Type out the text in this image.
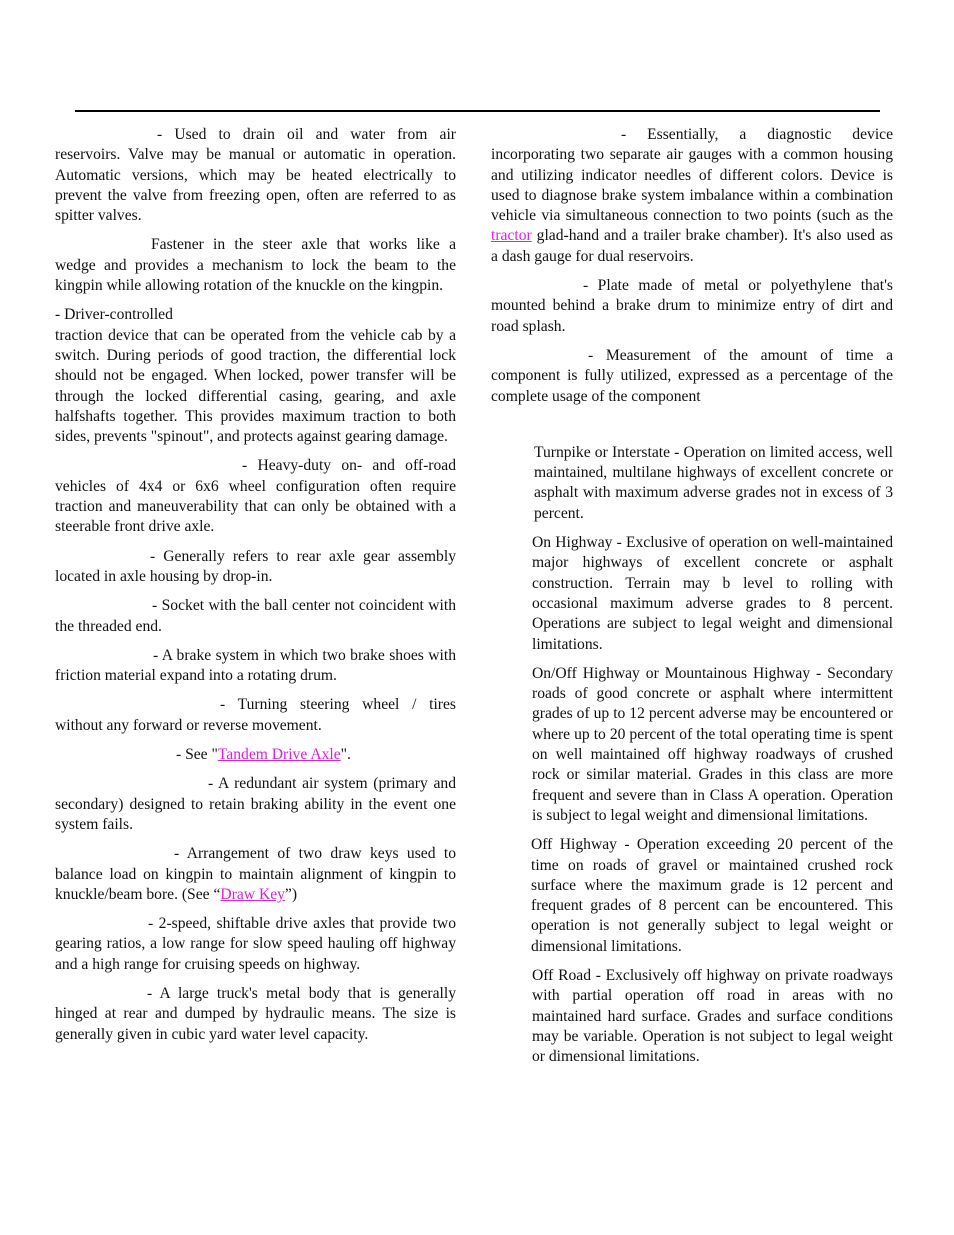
- Used to drain oil and water from air reservoirs. Valve may be manual or automatic in operation. Automatic versions, which may be heated electrically to prevent the valve from freezing open, often are referred to as spitter valves.

Fastener in the steer axle that works like a wedge and provides a mechanism to lock the beam to the kingpin while allowing rotation of the knuckle on the kingpin.

- Driver-controlled
traction device that can be operated from the vehicle cab by a switch. During periods of good traction, the differential lock should not be engaged. When locked, power transfer will be through the locked differential casing, gearing, and axle halfshafts together. This provides maximum traction to both sides, prevents "spinout", and protects against gearing damage.

- Heavy-duty on- and off-road vehicles of 4x4 or 6x6 wheel configuration often require traction and maneuverability that can only be obtained with a steerable front drive axle.

- Generally refers to rear axle gear assembly located in axle housing by drop-in.

- Socket with the ball center not coincident with the threaded end.

- A brake system in which two brake shoes with friction material expand into a rotating drum.

- Turning steering wheel / tires without any forward or reverse movement.

- See "Tandem Drive Axle".

- A redundant air system (primary and secondary) designed to retain braking ability in the event one system fails.

- Arrangement of two draw keys used to balance load on kingpin to maintain alignment of kingpin to knuckle/beam bore. (See “Draw Key”)

- 2-speed, shiftable drive axles that provide two gearing ratios, a low range for slow speed hauling off highway and a high range for cruising speeds on highway.

- A large truck's metal body that is generally hinged at rear and dumped by hydraulic means. The size is generally given in cubic yard water level capacity.

- Essentially, a diagnostic device incorporating two separate air gauges with a common housing and utilizing indicator needles of different colors. Device is used to diagnose brake system imbalance within a combination vehicle via simultaneous connection to two points (such as the tractor glad-hand and a trailer brake chamber). It's also used as a dash gauge for dual reservoirs.

- Plate made of metal or polyethylene that's mounted behind a brake drum to minimize entry of dirt and road splash.

- Measurement of the amount of time a component is fully utilized, expressed as a percentage of the complete usage of the component

Turnpike or Interstate - Operation on limited access, well maintained, multilane highways of excellent concrete or asphalt with maximum adverse grades not in excess of 3 percent.

On Highway - Exclusive of operation on well-maintained major highways of excellent concrete or asphalt construction. Terrain may b level to rolling with occasional maximum adverse grades to 8 percent. Operations are subject to legal weight and dimensional limitations.

On/Off Highway or Mountainous Highway - Secondary roads of good concrete or asphalt where intermittent grades of up to 12 percent adverse may be encountered or where up to 20 percent of the total operating time is spent on well maintained off highway roadways of crushed rock or similar material. Grades in this class are more frequent and severe than in Class A operation. Operation is subject to legal weight and dimensional limitations.

Off Highway - Operation exceeding 20 percent of the time on roads of gravel or maintained crushed rock surface where the maximum grade is 12 percent and frequent grades of 8 percent can be encountered. This operation is not generally subject to legal weight or dimensional limitations.

Off Road - Exclusively off highway on private roadways with partial operation off road in areas with no maintained hard surface. Grades and surface conditions may be variable. Operation is not subject to legal weight or dimensional limitations.
